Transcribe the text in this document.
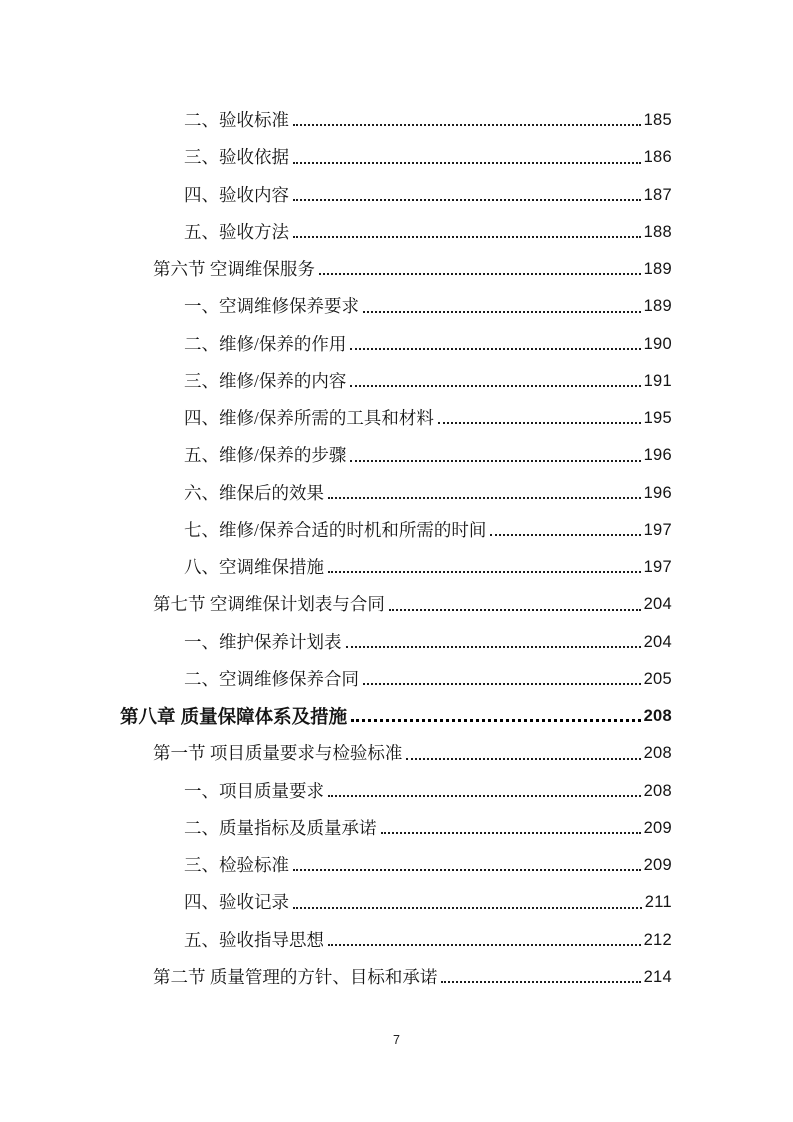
二、验收标准	185
三、验收依据	186
四、验收内容	187
五、验收方法	188
第六节 空调维保服务	189
一、空调维修保养要求	189
二、维修/保养的作用	190
三、维修/保养的内容	191
四、维修/保养所需的工具和材料	195
五、维修/保养的步骤	196
六、维保后的效果	196
七、维修/保养合适的时机和所需的时间	197
八、空调维保措施	197
第七节 空调维保计划表与合同	204
一、维护保养计划表	204
二、空调维修保养合同	205
第八章 质量保障体系及措施	208
第一节 项目质量要求与检验标准	208
一、项目质量要求	208
二、质量指标及质量承诺	209
三、检验标准	209
四、验收记录	211
五、验收指导思想	212
第二节 质量管理的方针、目标和承诺	214
7
